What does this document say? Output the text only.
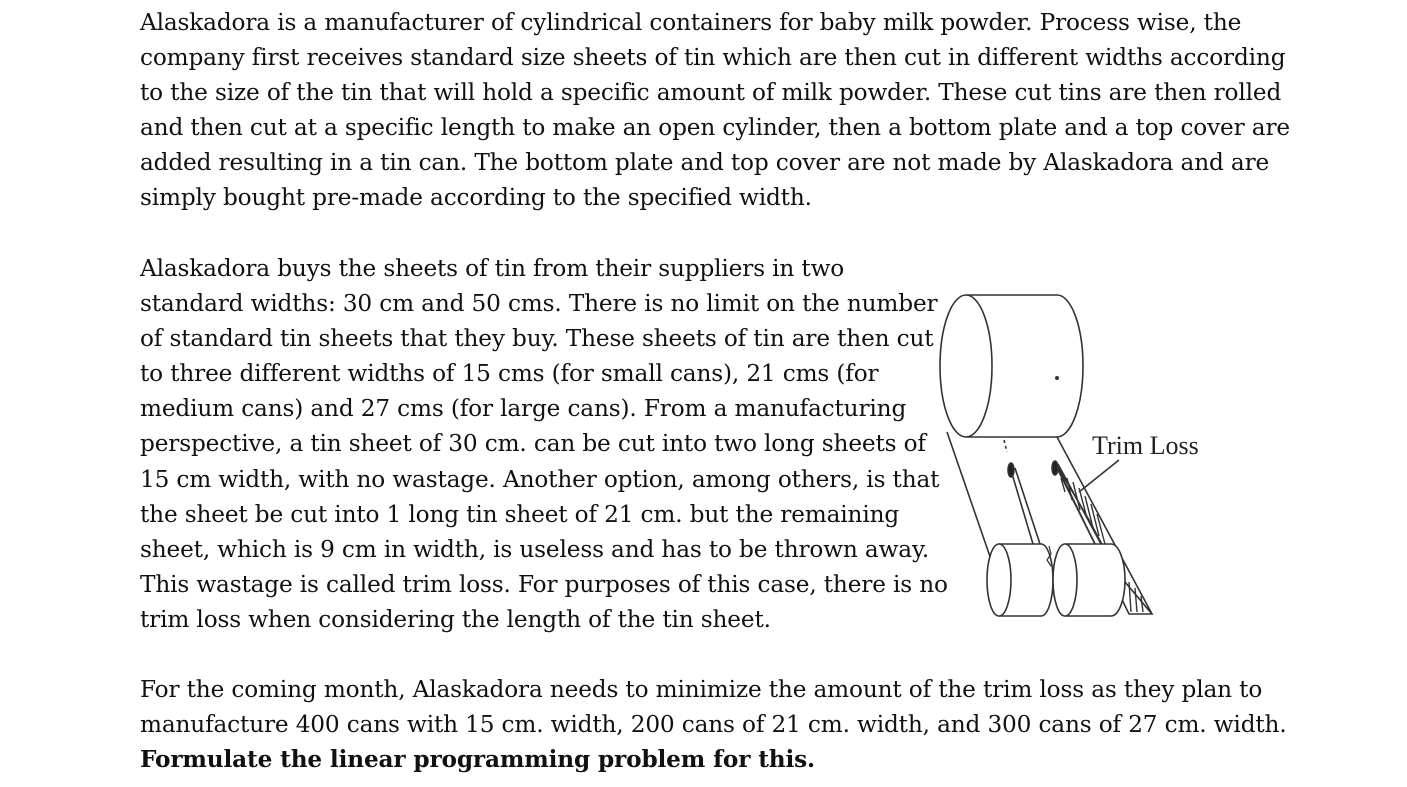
Alaskadora is a manufacturer of cylindrical containers for baby milk powder. Process wise, the
company first receives standard size sheets of tin which are then cut in different widths according
to the size of the tin that will hold a specific amount of milk powder. These cut tins are then rolled
and then cut at a specific length to make an open cylinder, then a bottom plate and a top cover are
added resulting in a tin can. The bottom plate and top cover are not made by Alaskadora and are
simply bought pre-made according to the specified width.

Alaskadora buys the sheets of tin from their suppliers in two
standard widths: 30 cm and 50 cms. There is no limit on the number
of standard tin sheets that they buy. These sheets of tin are then cut
to three different widths of 15 cms (for small cans), 21 cms (for
medium cans) and 27 cms (for large cans). From a manufacturing
perspective, a tin sheet of 30 cm. can be cut into two long sheets of
15 cm width, with no wastage. Another option, among others, is that
the sheet be cut into 1 long tin sheet of 21 cm. but the remaining
sheet, which is 9 cm in width, is useless and has to be thrown away.
This wastage is called trim loss. For purposes of this case, there is no
trim loss when considering the length of the tin sheet.

Trim Loss

For the coming month, Alaskadora needs to minimize the amount of the trim loss as they plan to
manufacture 400 cans with 15 cm. width, 200 cans of 21 cm. width, and 300 cans of 27 cm. width.
Formulate the linear programming problem for this.
